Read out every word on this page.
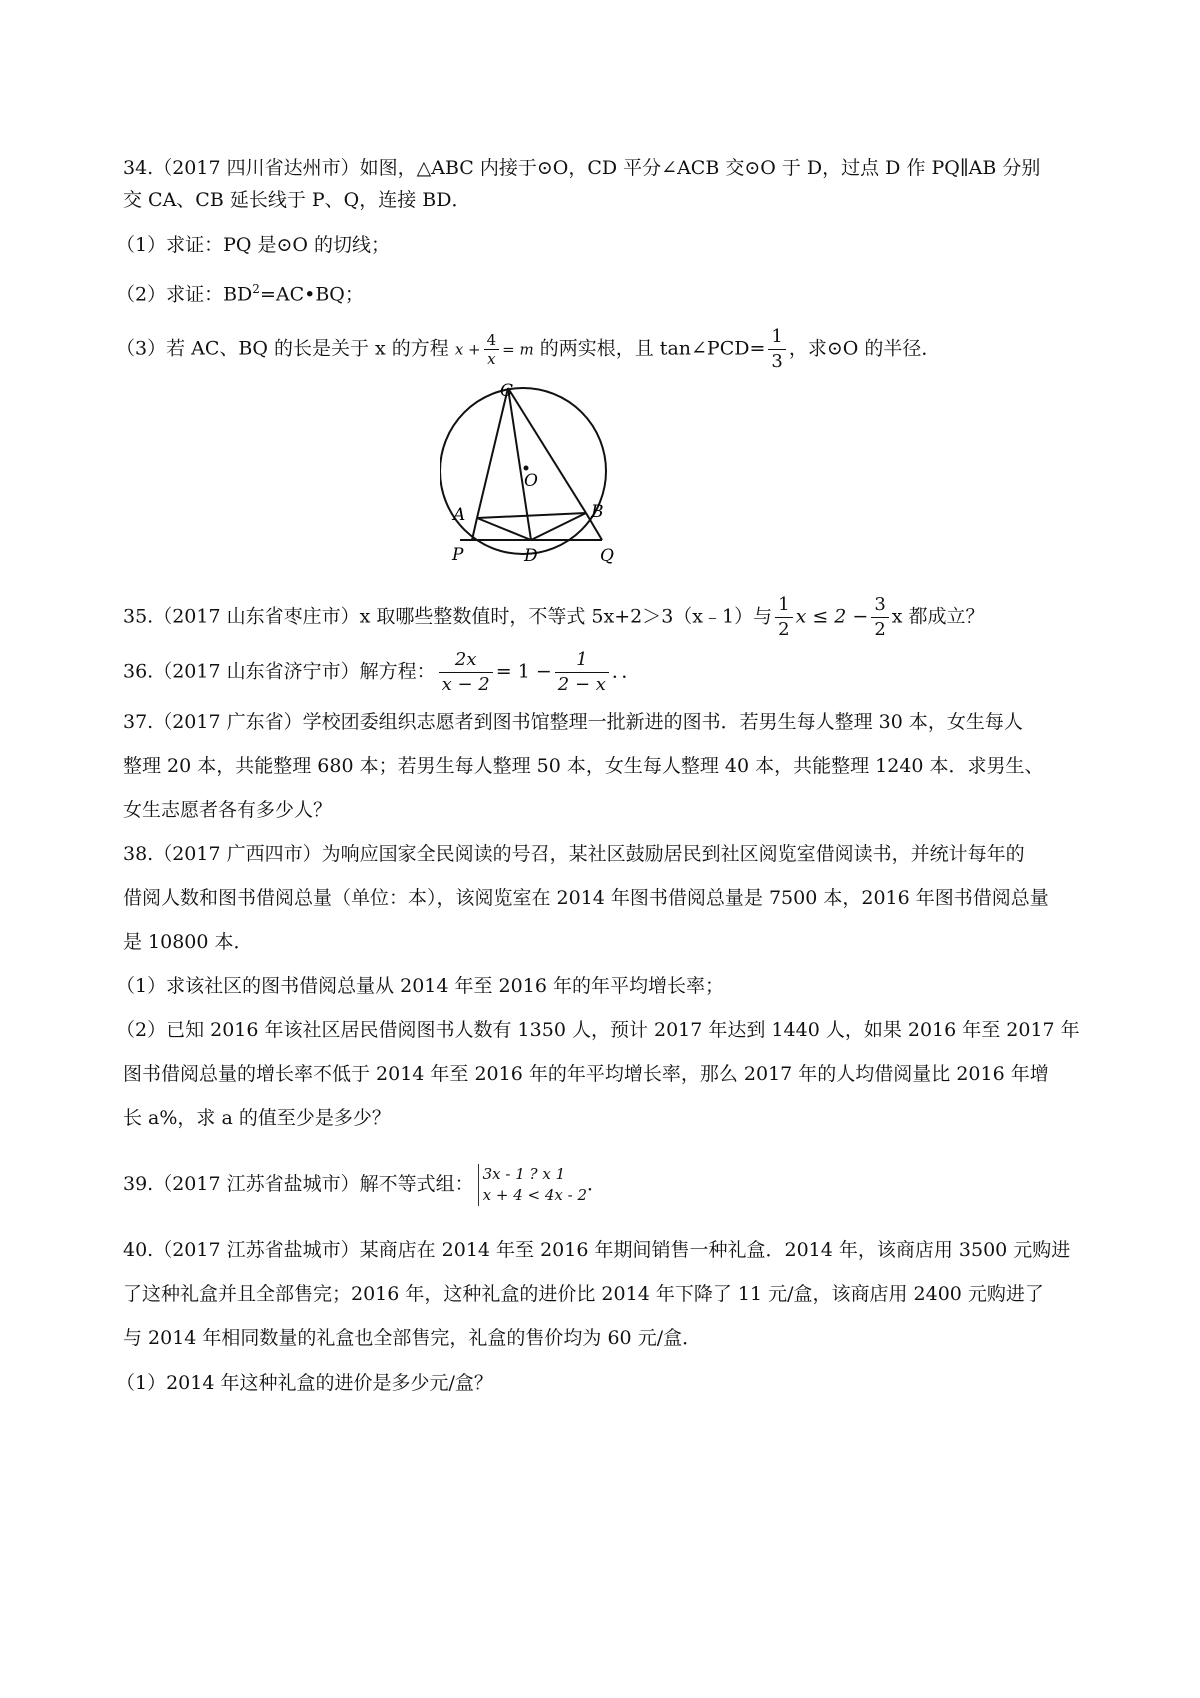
34.（2017 四川省达州市）如图，△ABC 内接于⊙O，CD 平分∠ACB 交⊙O 于 D，过点 D 作 PQ∥AB 分别
交 CA、CB 延长线于 P、Q，连接 BD．
（1）求证：PQ 是⊙O 的切线；
（2）求证：$BD^2=AC•BQ$；
（3）若 AC、BQ 的长是关于 x 的方程 $x + \frac{4}{x} = m$ 的两实根，且 tan∠PCD= $\frac{1}{3}$ ，求⊙O 的半径．
C
O
A	B
P	D	Q
35.（2017 山东省枣庄市）x 取哪些整数值时，不等式 5x+2＞3（x﹣1）与 $\frac{1}{2}$ $x \le 2 - \frac{3}{2}$ x 都成立？
36.（2017 山东省济宁市）解方程： $\frac{2x}{x - 2} = 1 - \frac{1}{2 - x}$ ．．
37.（2017 广东省）学校团委组织志愿者到图书馆整理一批新进的图书．若男生每人整理 30 本，女生每人
整理 20 本，共能整理 680 本；若男生每人整理 50 本，女生每人整理 40 本，共能整理 1240 本．求男生、
女生志愿者各有多少人？
38.（2017 广西四市）为响应国家全民阅读的号召，某社区鼓励居民到社区阅览室借阅读书，并统计每年的
借阅人数和图书借阅总量（单位：本），该阅览室在 2014 年图书借阅总量是 7500 本，2016 年图书借阅总量
是 10800 本．
（1）求该社区的图书借阅总量从 2014 年至 2016 年的年平均增长率；
（2）已知 2016 年该社区居民借阅图书人数有 1350 人，预计 2017 年达到 1440 人，如果 2016 年至 2017 年
图书借阅总量的增长率不低于 2014 年至 2016 年的年平均增长率，那么 2017 年的人均借阅量比 2016 年增
长 a%，求 a 的值至少是多少？
39.（2017 江苏省盐城市）解不等式组： 3x - 1 ? x 1
x + 4 < 4x - 2 ．
40.（2017 江苏省盐城市）某商店在 2014 年至 2016 年期间销售一种礼盒．2014 年，该商店用 3500 元购进
了这种礼盒并且全部售完；2016 年，这种礼盒的进价比 2014 年下降了 11 元/盒，该商店用 2400 元购进了
与 2014 年相同数量的礼盒也全部售完，礼盒的售价均为 60 元/盒．
（1）2014 年这种礼盒的进价是多少元/盒？
